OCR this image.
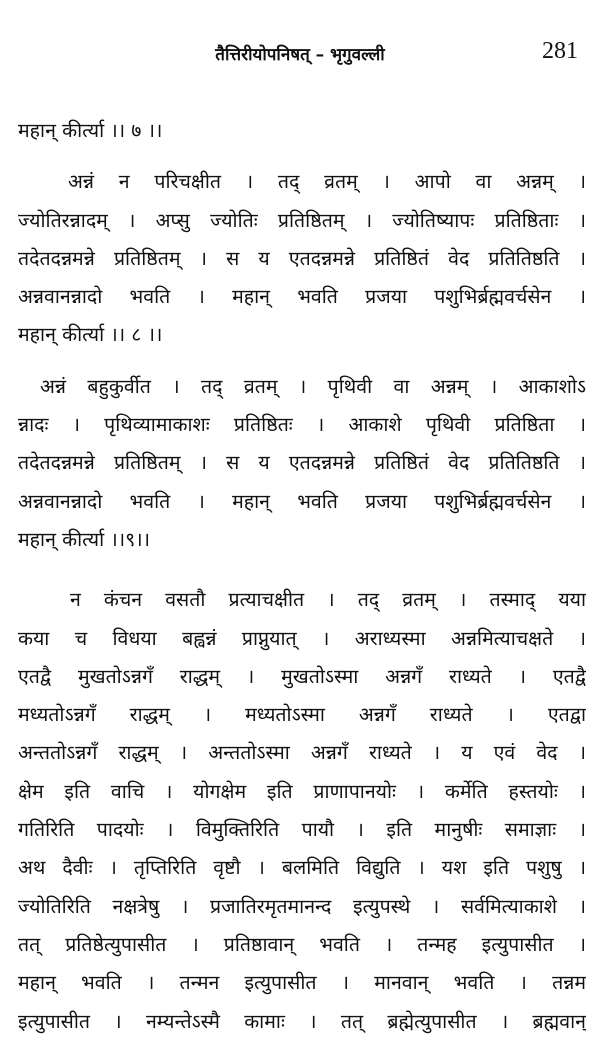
तैत्तिरीयोपनिषत् – भृगुवल्ली	281
महान् कीर्त्या ।। ७ ।।
अन्नं न परिचक्षीत । तद् व्रतम् । आपो वा अन्नम् ।
ज्योतिरन्नादम् । अप्सु ज्योतिः प्रतिष्ठितम् । ज्योतिष्यापः प्रतिष्ठिताः ।
तदेतदन्नमन्ने प्रतिष्ठितम् । स य एतदन्नमन्ने प्रतिष्ठितं वेद प्रतितिष्ठति ।
अन्नवानन्नादो भवति । महान् भवति प्रजया पशुभिर्ब्रह्मवर्चसेन ।
महान् कीर्त्या ।। ८ ।।
अन्नं बहुकुर्वीत । तद् व्रतम् । पृथिवी वा अन्नम् । आकाशोऽ
न्नादः । पृथिव्यामाकाशः प्रतिष्ठितः । आकाशे पृथिवी प्रतिष्ठिता ।
तदेतदन्नमन्ने प्रतिष्ठितम् । स य एतदन्नमन्ने प्रतिष्ठितं वेद प्रतितिष्ठति ।
अन्नवानन्नादो भवति । महान् भवति प्रजया पशुभिर्ब्रह्मवर्चसेन ।
महान् कीर्त्या ।।९।।
न कंचन वसतौ प्रत्याचक्षीत । तद् व्रतम् । तस्माद् यया
कया च विधया बह्वन्नं प्राप्नुयात् । अराध्यस्मा अन्नमित्याचक्षते ।
एतद्वै मुखतोऽन्नगँ राद्धम् । मुखतोऽस्मा अन्नगँ राध्यते । एतद्वै
मध्यतोऽन्नगँ राद्धम् । मध्यतोऽस्मा अन्नगँ राध्यते । एतद्वा
अन्ततोऽन्नगँ राद्धम् । अन्ततोऽस्मा अन्नगँ राध्यते । य एवं वेद ।
क्षेम इति वाचि । योगक्षेम इति प्राणापानयोः । कर्मेति हस्तयोः ।
गतिरिति पादयोः । विमुक्तिरिति पायौ । इति मानुषीः समाज्ञाः ।
अथ दैवीः । तृप्तिरिति वृष्टौ । बलमिति विद्युति । यश इति पशुषु ।
ज्योतिरिति नक्षत्रेषु । प्रजातिरमृतमानन्द इत्युपस्थे । सर्वमित्याकाशे ।
तत् प्रतिष्ठेत्युपासीत । प्रतिष्ठावान् भवति । तन्मह इत्युपासीत ।
महान् भवति । तन्मन इत्युपासीत । मानवान् भवति । तन्नम
इत्युपासीत । नम्यन्तेऽस्मै कामाः । तत् ब्रह्मेत्युपासीत । ब्रह्मवान्
